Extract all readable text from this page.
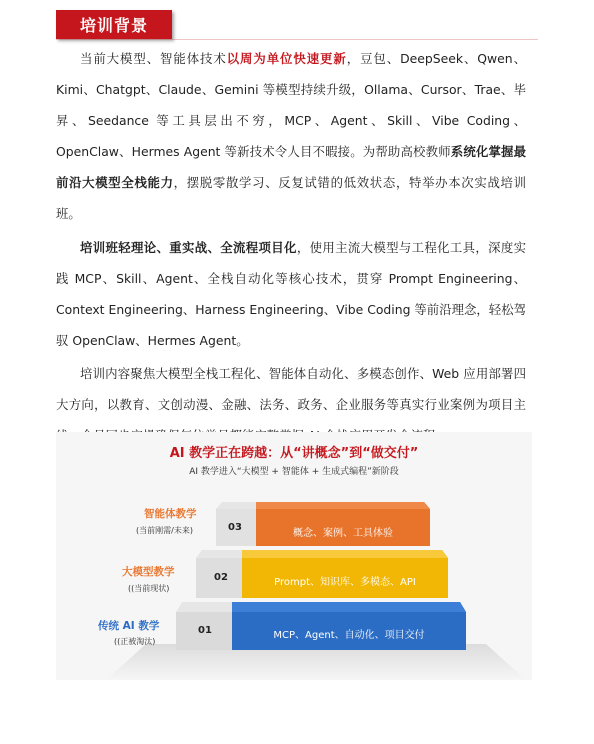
培训背景

当前大模型、智能体技术以周为单位快速更新，豆包、DeepSeek、Qwen、Kimi、Chatgpt、Claude、Gemini 等模型持续升级，Ollama、Cursor、Trae、毕昇、Seedance 等工具层出不穷，MCP、Agent、Skill、Vibe Coding、OpenClaw、Hermes Agent 等新技术令人目不暇接。为帮助高校教师系统化掌握最前沿大模型全栈能力，摆脱零散学习、反复试错的低效状态，特举办本次实战培训班。

培训班轻理论、重实战、全流程项目化，使用主流大模型与工程化工具，深度实践 MCP、Skill、Agent、全栈自动化等核心技术，贯穿 Prompt Engineering、Context Engineering、Harness Engineering、Vibe Coding 等前沿理念，轻松驾驭 OpenClaw、Hermes Agent。

培训内容聚焦大模型全栈工程化、智能体自动化、多模态创作、Web 应用部署四大方向，以教育、文创动漫、金融、法务、政务、企业服务等真实行业案例为项目主

AI 教学正在跨越：从“讲概念”到“做交付”
AI 教学进入“大模型 + 智能体 + 生成式编程”新阶段
智能体教学
(当前刚需/未来)	03
概念、案例、工具体验
大模型教学
((当前现状)
02	Prompt、知识库、多模态、API
传统 AI 教学
((正被淘汰)
01	MCP、Agent、自动化、项目交付
